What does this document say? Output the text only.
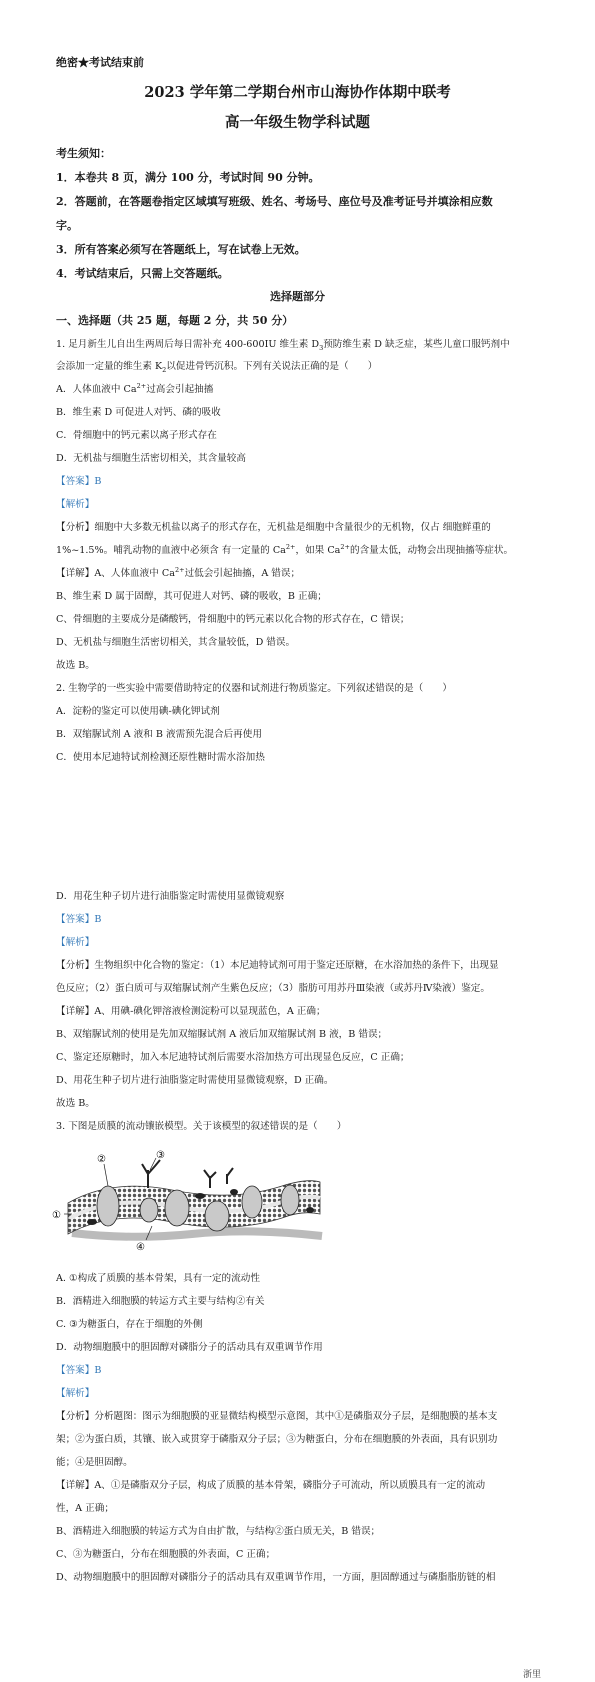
绝密★考试结束前
2023 学年第二学期台州市山海协作体期中联考
高一年级生物学科试题
考生须知：
1．本卷共 8 页，满分 100 分，考试时间 90 分钟。
2．答题前，在答题卷指定区域填写班级、姓名、考场号、座位号及准考证号并填涂相应数
字。
3．所有答案必须写在答题纸上，写在试卷上无效。
4．考试结束后，只需上交答题纸。
选择题部分
一、选择题（共 25 题，每题 2 分，共 50 分）
1. 足月新生儿自出生两周后每日需补充 400-600IU 维生素 $D_3$预防维生素 D 缺乏症，某些儿童口服钙剂中
会添加一定量的维生素 $K_2$以促进骨钙沉积。下列有关说法正确的是（　　）
A．人体血液中 $Ca^{2+}$过高会引起抽搐
B．维生素 D 可促进人对钙、磷的吸收
C．骨细胞中的钙元素以离子形式存在
D．无机盐与细胞生活密切相关，其含量较高
【答案】B
【解析】
【分析】细胞中大多数无机盐以离子的形式存在，无机盐是细胞中含量很少的无机物，仅占 细胞鲜重的
1%~1.5%。哺乳动物的血液中必须含 有一定量的 $Ca^{2+}$，如果 $Ca^{2+}$的含量太低，动物会出现抽搐等症状。
【详解】A、人体血液中 $Ca^{2+}$过低会引起抽搐，A 错误；
B、维生素 D 属于固醇，其可促进人对钙、磷的吸收，B 正确；
C、骨细胞的主要成分是磷酸钙，骨细胞中的钙元素以化合物的形式存在，C 错误；
D、无机盐与细胞生活密切相关，其含量较低，D 错误。
故选 B。
2. 生物学的一些实验中需要借助特定的仪器和试剂进行物质鉴定。下列叙述错误的是（　　）
A．淀粉的鉴定可以使用碘-碘化钾试剂
B．双缩脲试剂 A 液和 B 液需预先混合后再使用
C．使用本尼迪特试剂检测还原性糖时需水浴加热
D．用花生种子切片进行油脂鉴定时需使用显微镜观察
【答案】B
【解析】
【分析】生物组织中化合物的鉴定：（1）本尼迪特试剂可用于鉴定还原糖，在水浴加热的条件下，出现显
色反应；（2）蛋白质可与双缩脲试剂产生紫色反应；（3）脂肪可用苏丹Ⅲ染液（或苏丹Ⅳ染液）鉴定。
【详解】A、用碘-碘化钾溶液检测淀粉可以显现蓝色，A 正确；
B、双缩脲试剂的使用是先加双缩脲试剂 A 液后加双缩脲试剂 B 液，B 错误；
C、鉴定还原糖时，加入本尼迪特试剂后需要水浴加热方可出现显色反应，C 正确；
D、用花生种子切片进行油脂鉴定时需使用显微镜观察，D 正确。
故选 B。
3. 下图是质膜的流动镶嵌模型。关于该模型的叙述错误的是（　　）
①
②	③
④
A. ①构成了质膜的基本骨架，具有一定的流动性
B．酒精进入细胞膜的转运方式主要与结构②有关
C. ③为糖蛋白，存在于细胞的外侧
D．动物细胞膜中的胆固醇对磷脂分子的活动具有双重调节作用
【答案】B
【解析】
【分析】分析题图：图示为细胞膜的亚显微结构模型示意图，其中①是磷脂双分子层，是细胞膜的基本支
架；②为蛋白质，其镶、嵌入或贯穿于磷脂双分子层；③为糖蛋白，分布在细胞膜的外表面，具有识别功
能；④是胆固醇。
【详解】A、①是磷脂双分子层，构成了质膜的基本骨架，磷脂分子可流动，所以质膜具有一定的流动
性，A 正确；
B、酒精进入细胞膜的转运方式为自由扩散，与结构②蛋白质无关，B 错误；
C、③为糖蛋白，分布在细胞膜的外表面，C 正确；
D、动物细胞膜中的胆固醇对磷脂分子的活动具有双重调节作用，一方面，胆固醇通过与磷脂脂肪链的相
浙里
